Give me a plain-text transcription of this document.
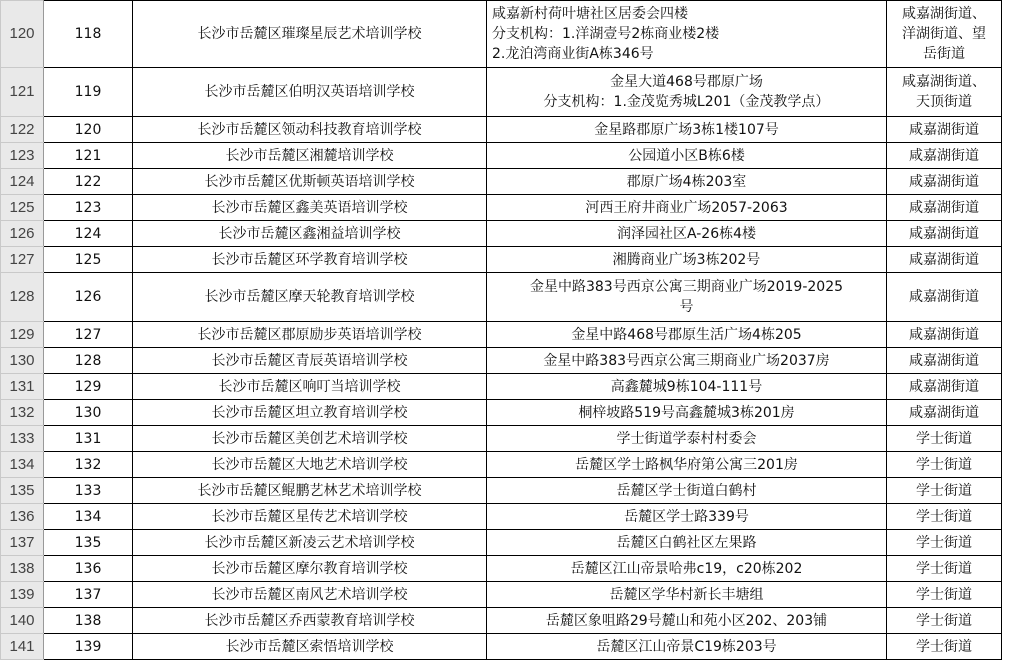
120	118	长沙市岳麓区璀璨星辰艺术培训学校	咸嘉新村荷叶塘社区居委会四楼
分支机构：1.洋湖壹号2栋商业楼2楼
2.龙泊湾商业街A栋346号	咸嘉湖街道、
洋湖街道、望
岳街道

121	119	长沙市岳麓区伯明汉英语培训学校	金星大道468号郡原广场
分支机构：1.金茂览秀城L201（金茂教学点）	咸嘉湖街道、
天顶街道

122	120	长沙市岳麓区领动科技教育培训学校	金星路郡原广场3栋1楼107号	咸嘉湖街道

123	121	长沙市岳麓区湘麓培训学校	公园道小区B栋6楼	咸嘉湖街道

124	122	长沙市岳麓区优斯顿英语培训学校	郡原广场4栋203室	咸嘉湖街道

125	123	长沙市岳麓区鑫美英语培训学校	河西王府井商业广场2057-2063	咸嘉湖街道

126	124	长沙市岳麓区鑫湘益培训学校	润泽园社区A-26栋4楼	咸嘉湖街道

127	125	长沙市岳麓区环学教育培训学校	湘腾商业广场3栋202号	咸嘉湖街道

128	126	长沙市岳麓区摩天轮教育培训学校	金星中路383号西京公寓三期商业广场2019-2025
号	咸嘉湖街道

129	127	长沙市岳麓区郡原励步英语培训学校	金星中路468号郡原生活广场4栋205	咸嘉湖街道

130	128	长沙市岳麓区青辰英语培训学校	金星中路383号西京公寓三期商业广场2037房	咸嘉湖街道

131	129	长沙市岳麓区响叮当培训学校	高鑫麓城9栋104-111号	咸嘉湖街道

132	130	长沙市岳麓区坦立教育培训学校	桐梓坡路519号高鑫麓城3栋201房	咸嘉湖街道

133	131	长沙市岳麓区美创艺术培训学校	学士街道学泰村村委会	学士街道

134	132	长沙市岳麓区大地艺术培训学校	岳麓区学士路枫华府第公寓三201房	学士街道

135	133	长沙市岳麓区鲲鹏艺林艺术培训学校	岳麓区学士街道白鹤村	学士街道

136	134	长沙市岳麓区星传艺术培训学校	岳麓区学士路339号	学士街道

137	135	长沙市岳麓区新凌云艺术培训学校	岳麓区白鹤社区左果路	学士街道

138	136	长沙市岳麓区摩尔教育培训学校	岳麓区江山帝景哈弗c19，c20栋202	学士街道

139	137	长沙市岳麓区南风艺术培训学校	岳麓区学华村新长丰塘组	学士街道

140	138	长沙市岳麓区乔西蒙教育培训学校	岳麓区象咀路29号麓山和苑小区202、203铺	学士街道

141	139	长沙市岳麓区索悟培训学校	岳麓区江山帝景C19栋203号	学士街道
